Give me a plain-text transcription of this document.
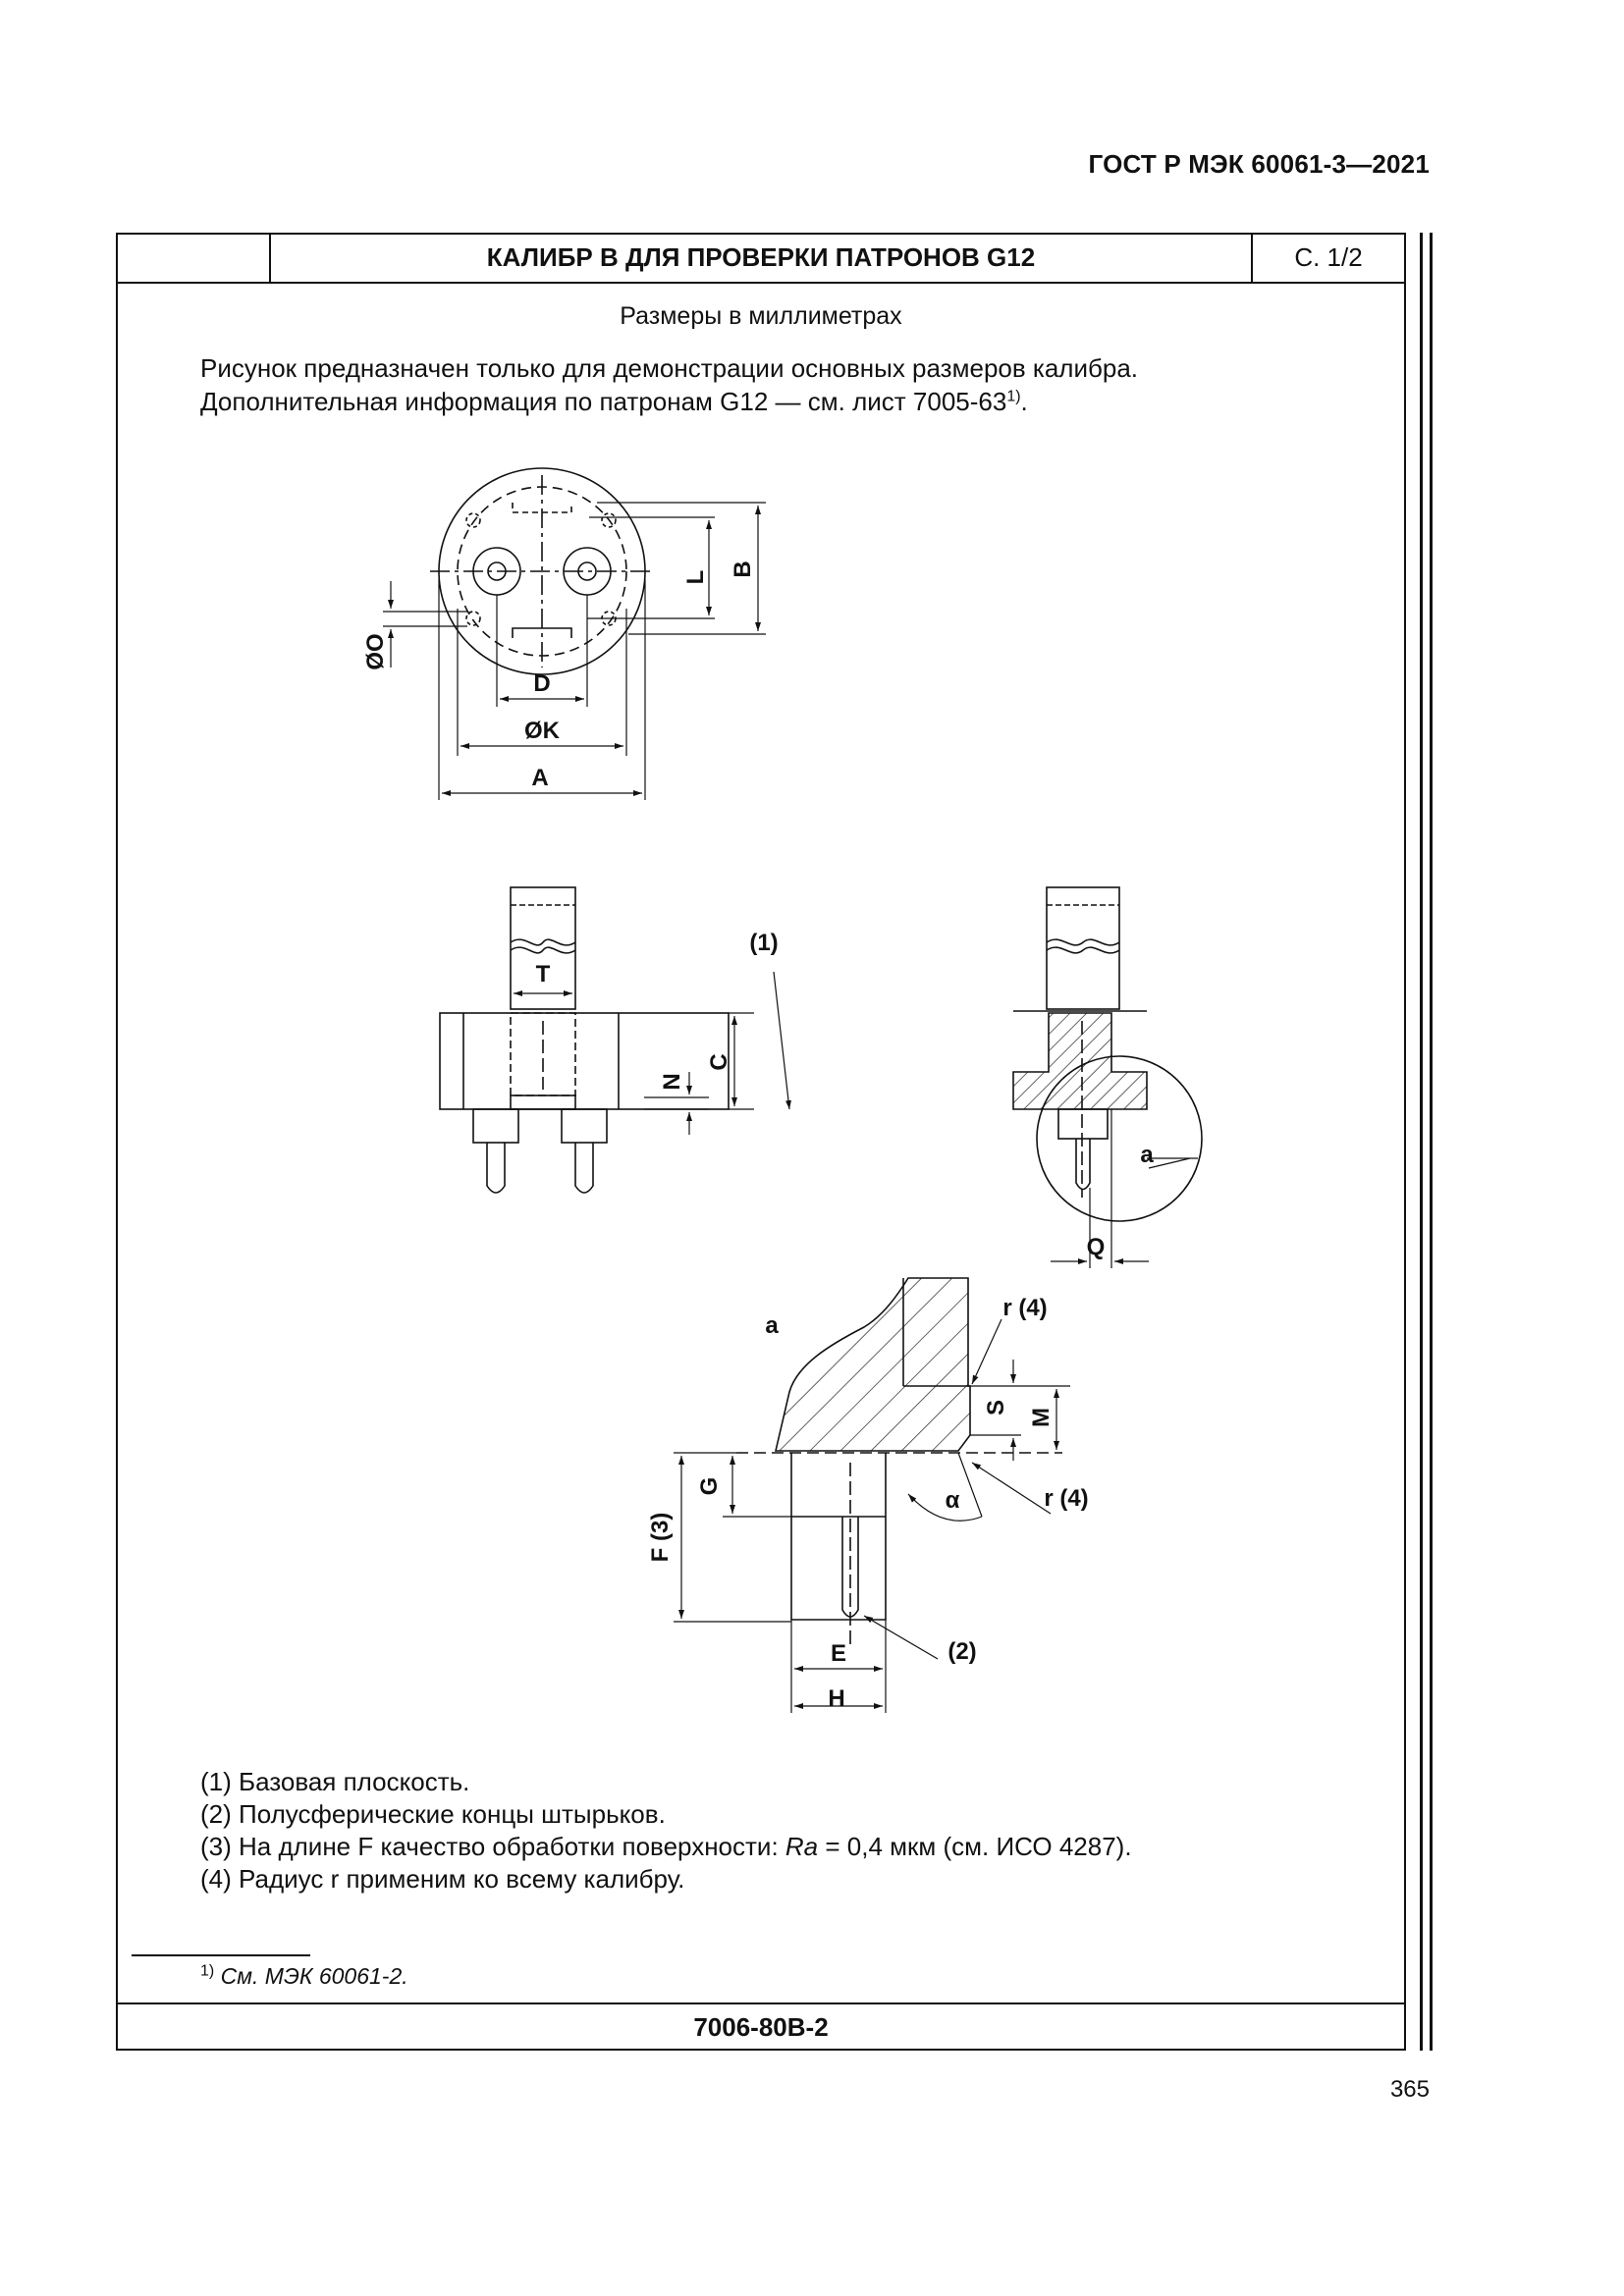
ГОСТ Р МЭК 60061-3—2021
КАЛИБР B ДЛЯ ПРОВЕРКИ ПАТРОНОВ G12	С. 1/2
Размеры в миллиметрах
Рисунок предназначен только для демонстрации основных размеров калибра.
Дополнительная информация по патронам G12 — см. лист 7005-63$^{1)}$.
L B
ØO
D
ØK
A
T
(1)
N
C
a
Q
a
r (4)
S M
G
α	r (4)
F (3)
E	(2)
H
(1) Базовая плоскость.
(2) Полусферические концы штырьков.
(3) На длине F качество обработки поверхности: Ra = 0,4 мкм (см. ИСО 4287).
(4) Радиус r применим ко всему калибру.
$^{1)}$ См. МЭК 60061-2.
7006-80B-2
365
